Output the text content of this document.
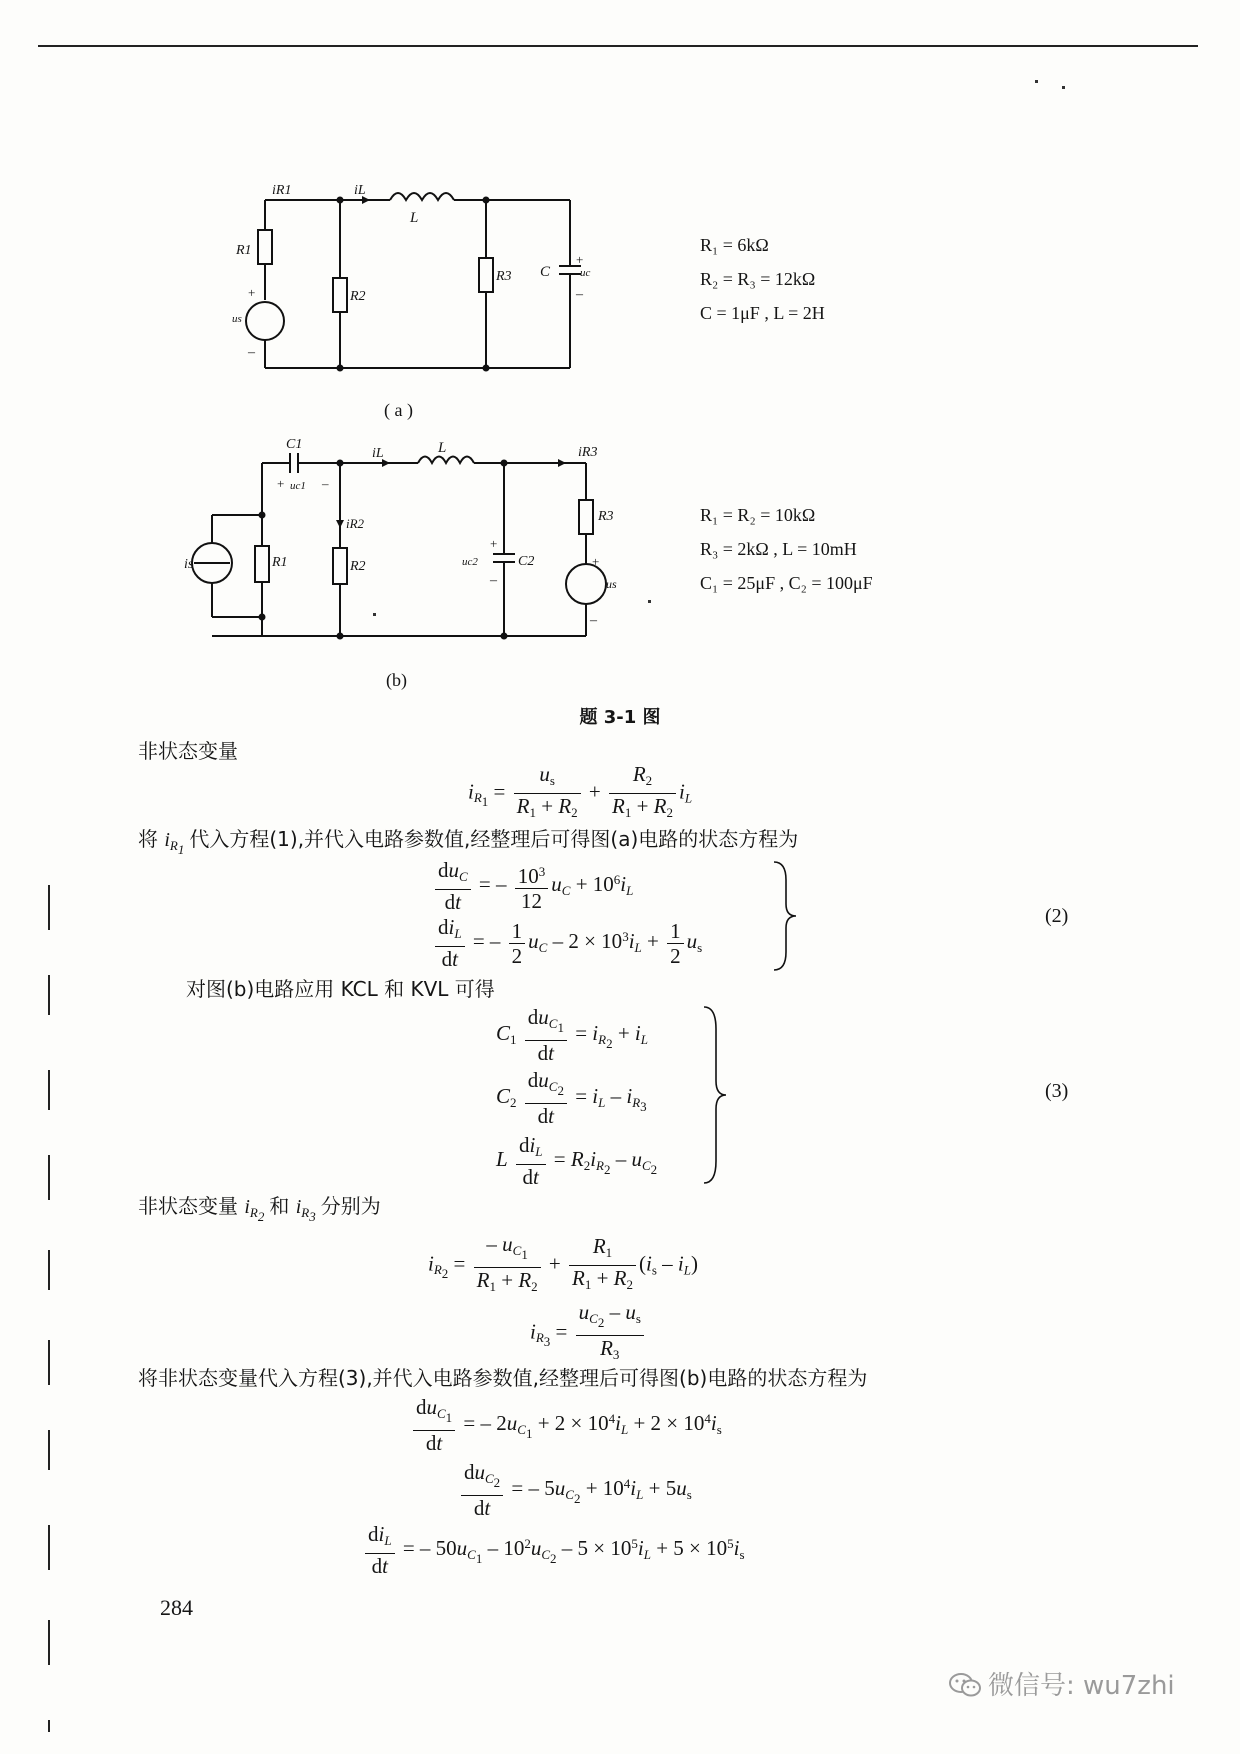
iR1	iL
L
R1
R2
R3 C	uc
+
–
us
+
–
C1
uc1
+	–
iL	L	iR3
R3
iR2
is	R1	R2	uc2
+
–
C2
us
+
–
R₁ = 6kΩ
R₂ = R₃ = 12kΩ
C = 1μF , L = 2H
( a )
R₁ = R₂ = 10kΩ
R₃ = 2kΩ , L = 10mH
C₁ = 25μF , C₂ = 100μF
(b)
题 3-1 图
非状态变量
$i_{R_1} = \frac{u_s}{R_1 + R_2} + \frac{R_2}{R_1 + R_2} i_L$
将 $i_{R_1}$ 代入方程(1),并代入电路参数值,经整理后可得图(a)电路的状态方程为
$\frac{du_C}{dt}$ = – $\frac{10^3}{12} u_C + 10^6i_L$
$\frac{di_L}{dt}$ = – $\frac{1}{2} u_C - 2 \times 10^3i_L + \frac{1}{2} u_s$
(2)
对图(b)电路应用 KCL 和 KVL 可得
$C_1 \frac{du_{C_1}}{dt} = i_{R_2} + i_L$
$C_2 \frac{du_{C_2}}{dt} = i_L - i_{R_3}$
L $\frac{di_L}{dt} = R_2i_{R_2} - u_{C_2}$
(3)
非状态变量 $i_{R_2}$ 和 $i_{R_3}$ 分别为
$i_{R_2} = \frac{- u_{C_1}}{R_1 + R_2} + \frac{R_1}{R_1 + R_2} (i_s - i_L)$
$i_{R_3} = \frac{u_{C_2} - u_s}{R_3}$
将非状态变量代入方程(3),并代入电路参数值,经整理后可得图(b)电路的状态方程为
$\frac{du_{C_1}}{dt}$ = – $2u_{C_1} + 2 \times 10^4i_L + 2 \times 10^4i_s$
$\frac{du_{C_2}}{dt}$ = – $5u_{C_2} + 10^4i_L + 5u_s$
$\frac{di_L}{dt}$ = – $50u_{C_1} - 10^2u_{C_2} - 5 \times 10^5i_L + 5 \times 10^5i_s$
284
微信号: wu7zhi
